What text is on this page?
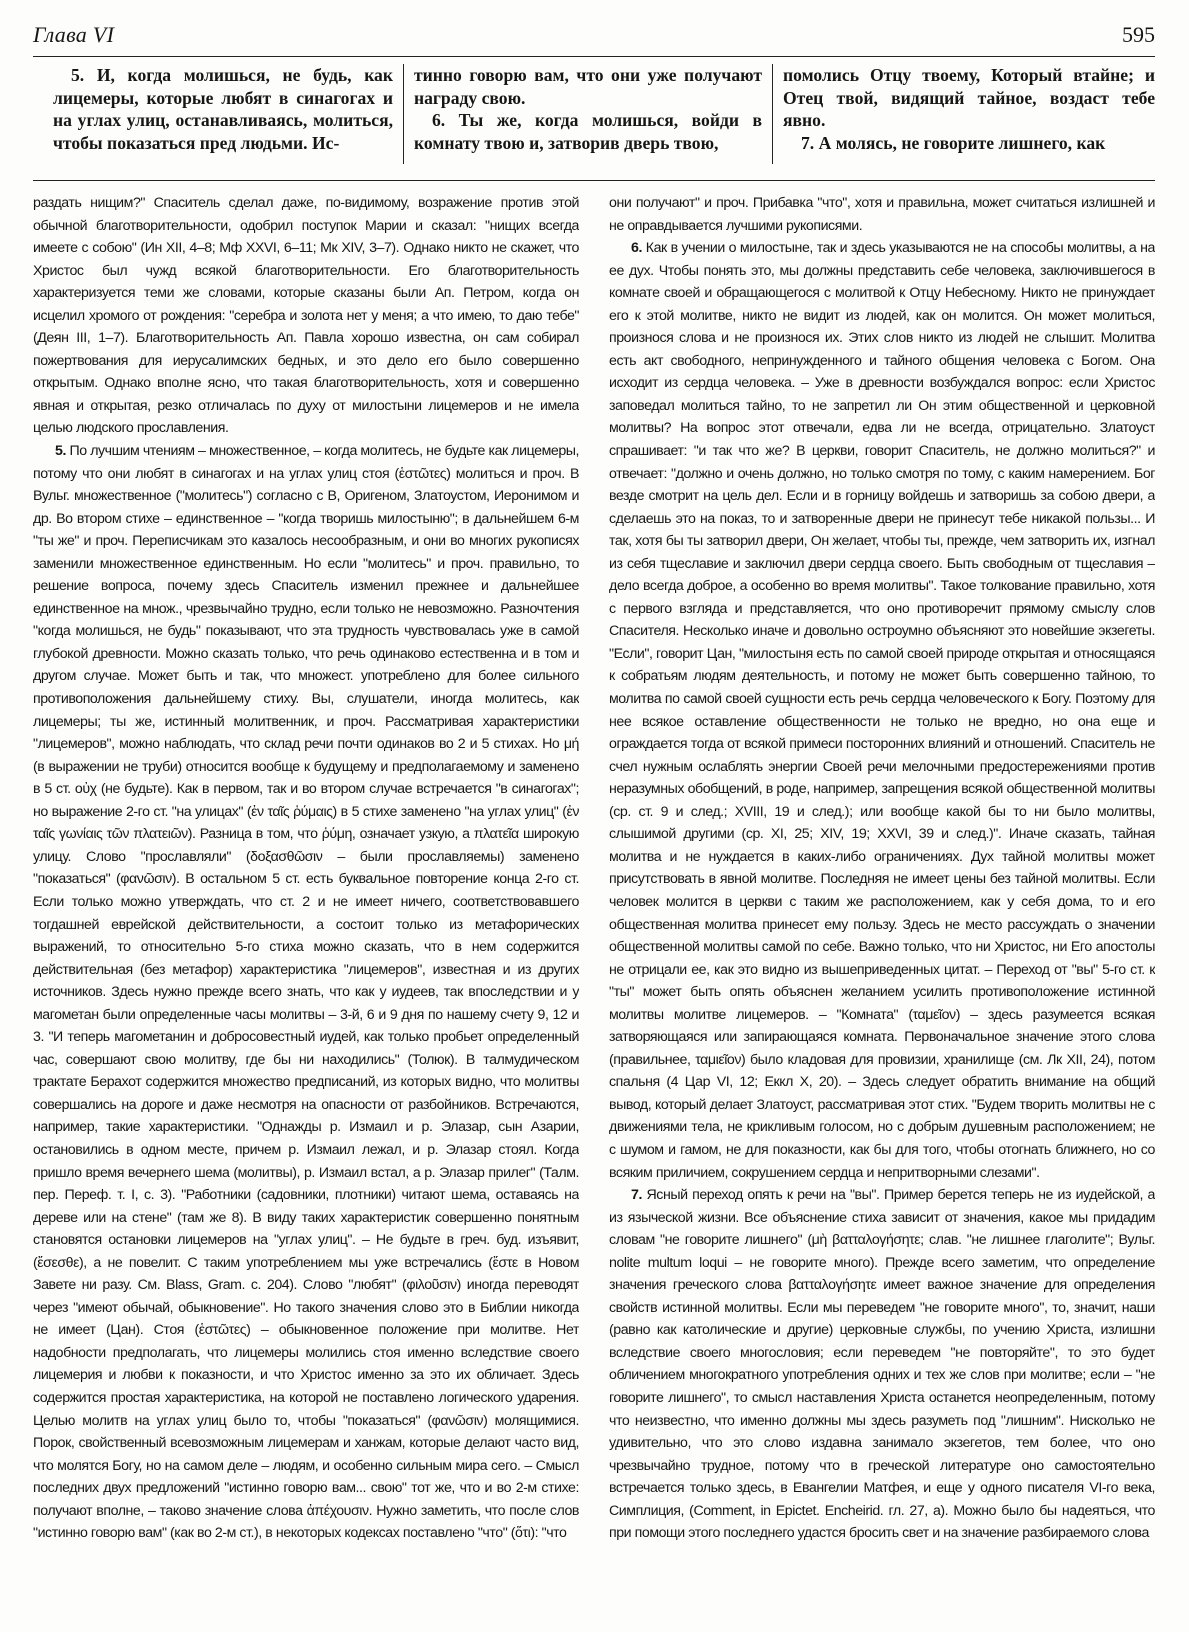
Глава VI	595

5. И, когда молишься, не будь, как лицемеры, которые любят в синагогах и на углах улиц, останавливаясь, молиться, чтобы показаться пред людьми. Ис-

тинно говорю вам, что они уже получают награду свою.

6. Ты же, когда молишься, войди в комнату твою и, затворив дверь твою,

помолись Отцу твоему, Который втайне; и Отец твой, видящий тайное, воздаст тебе явно.

7. А молясь, не говорите лишнего, как

раздать нищим?" Спаситель сделал даже, по-видимому, возражение против этой обычной благотворительности, одобрил поступок Марии и сказал: "нищих всегда имеете с собою" (Ин XII, 4–8; Мф XXVI, 6–11; Мк XIV, 3–7). Однако никто не скажет, что Христос был чужд всякой благотворительности. Его благотворительность характеризуется теми же словами, которые сказаны были Ап. Петром, когда он исцелил хромого от рождения: "серебра и золота нет у меня; а что имею, то даю тебе" (Деян III, 1–7). Благотворительность Ап. Павла хорошо известна, он сам собирал пожертвования для иерусалимских бедных, и это дело его было совершенно открытым. Однако вполне ясно, что такая благотворительность, хотя и совершенно явная и открытая, резко отличалась по духу от милостыни лицемеров и не имела целью людского прославления.

5. По лучшим чтениям – множественное, – когда молитесь, не будьте как лицемеры, потому что они любят в синагогах и на углах улиц стоя (ἑστῶτες) молиться и проч. В Вульг. множественное ("молитесь") согласно с В, Оригеном, Златоустом, Иеронимом и др. Во втором стихе – единственное – "когда творишь милостыню"; в дальнейшем 6-м "ты же" и проч. Переписчикам это казалось несообразным, и они во многих рукописях заменили множественное единственным. Но если "молитесь" и проч. правильно, то решение вопроса, почему здесь Спаситель изменил прежнее и дальнейшее единственное на множ., чрезвычайно трудно, если только не невозможно. Разночтения "когда молишься, не будь" показывают, что эта трудность чувствовалась уже в самой глубокой древности. Можно сказать только, что речь одинаково естественна и в том и другом случае. Может быть и так, что множест. употреблено для более сильного противоположения дальнейшему стиху. Вы, слушатели, иногда молитесь, как лицемеры; ты же, истинный молитвенник, и проч. Рассматривая характеристики "лицемеров", можно наблюдать, что склад речи почти одинаков во 2 и 5 стихах. Но μή (в выражении не труби) относится вообще к будущему и предполагаемому и заменено в 5 ст. οὐχ (не будьте). Как в первом, так и во втором случае встречается "в синагогах"; но выражение 2-го ст. "на улицах" (ἐν ταῖς ῥύμαις) в 5 стихе заменено "на углах улиц" (ἐν ταῖς γωνίαις τῶν πλατειῶν). Разница в том, что ῥύμη, означает узкую, а πλατεῖα широкую улицу. Слово "прославляли" (δοξασθῶσιν – были прославляемы) заменено "показаться" (φανῶσιν). В остальном 5 ст. есть буквальное повторение конца 2-го ст. Если только можно утверждать, что ст. 2 и не имеет ничего, соответствовавшего тогдашней еврейской действительности, а состоит только из метафорических выражений, то относительно 5-го стиха можно сказать, что в нем содержится действительная (без метафор) характеристика "лицемеров", известная и из других источников. Здесь нужно прежде всего знать, что как у иудеев, так впоследствии и у магометан были определенные часы молитвы – 3-й, 6 и 9 дня по нашему счету 9, 12 и 3. "И теперь магометанин и добросовестный иудей, как только пробьет определенный час, совершают свою молитву, где бы ни находились" (Толюк). В талмудическом трактате Берахот содержится множество предписаний, из которых видно, что молитвы совершались на дороге и даже несмотря на опасности от разбойников. Встречаются, например, такие характеристики. "Однажды р. Измаил и р. Элазар, сын Азарии, остановились в одном месте, причем р. Измаил лежал, и р. Элазар стоял. Когда пришло время вечернего шема (молитвы), р. Измаил встал, а р. Элазар прилег" (Талм. пер. Переф. т. I, с. 3). "Работники (садовники, плотники) читают шема, оставаясь на дереве или на стене" (там же 8). В виду таких характеристик совершенно понятным становятся остановки лицемеров на "углах улиц". – Не будьте в греч. буд. изъявит, (ἔσεσθε), а не повелит. С таким употреблением мы уже встречались (ἔστε в Новом Завете ни разу. См. Blass, Gram. с. 204). Слово "любят" (φιλοῦσιν) иногда переводят через "имеют обычай, обыкновение". Но такого значения слово это в Библии никогда не имеет (Цан). Стоя (ἑστῶτες) – обыкновенное положение при молитве. Нет надобности предполагать, что лицемеры молились стоя именно вследствие своего лицемерия и любви к показности, и что Христос именно за это их обличает. Здесь содержится простая характеристика, на которой не поставлено логического ударения. Целью молитв на углах улиц было то, чтобы "показаться" (φανῶσιν) молящимися. Порок, свойственный всевозможным лицемерам и ханжам, которые делают часто вид, что молятся Богу, но на самом деле – людям, и особенно сильным мира сего. – Смысл последних двух предложений "истинно говорю вам... свою" тот же, что и во 2-м стихе: получают вполне, – таково значение слова ἀπέχουσιν. Нужно заметить, что после слов "истинно говорю вам" (как во 2-м ст.), в некоторых кодексах поставлено "что" (ὅτι): "что

они получают" и проч. Прибавка "что", хотя и правильна, может считаться излишней и не оправдывается лучшими рукописями.

6. Как в учении о милостыне, так и здесь указываются не на способы молитвы, а на ее дух. Чтобы понять это, мы должны представить себе человека, заключившегося в комнате своей и обращающегося с молитвой к Отцу Небесному. Никто не принуждает его к этой молитве, никто не видит из людей, как он молится. Он может молиться, произнося слова и не произнося их. Этих слов никто из людей не слышит. Молитва есть акт свободного, непринужденного и тайного общения человека с Богом. Она исходит из сердца человека. – Уже в древности возбуждался вопрос: если Христос заповедал молиться тайно, то не запретил ли Он этим общественной и церковной молитвы? На вопрос этот отвечали, едва ли не всегда, отрицательно. Златоуст спрашивает: "и так что же? В церкви, говорит Спаситель, не должно молиться?" и отвечает: "должно и очень должно, но только смотря по тому, с каким намерением. Бог везде смотрит на цель дел. Если и в горницу войдешь и затворишь за собою двери, а сделаешь это на показ, то и затворенные двери не принесут тебе никакой пользы... И так, хотя бы ты затворил двери, Он желает, чтобы ты, прежде, чем затворить их, изгнал из себя тщеславие и заключил двери сердца своего. Быть свободным от тщеславия – дело всегда доброе, а особенно во время молитвы". Такое толкование правильно, хотя с первого взгляда и представляется, что оно противоречит прямому смыслу слов Спасителя. Несколько иначе и довольно остроумно объясняют это новейшие экзегеты. "Если", говорит Цан, "милостыня есть по самой своей природе открытая и относящаяся к собратьям людям деятельность, и потому не может быть совершенно тайною, то молитва по самой своей сущности есть речь сердца человеческого к Богу. Поэтому для нее всякое оставление общественности не только не вредно, но она еще и ограждается тогда от всякой примеси посторонних влияний и отношений. Спаситель не счел нужным ослаблять энергии Своей речи мелочными предостережениями против неразумных обобщений, в роде, например, запрещения всякой общественной молитвы (ср. ст. 9 и след.; XVIII, 19 и след.); или вообще какой бы то ни было молитвы, слышимой другими (ср. XI, 25; XIV, 19; XXVI, 39 и след.)". Иначе сказать, тайная молитва и не нуждается в каких-либо ограничениях. Дух тайной молитвы может присутствовать в явной молитве. Последняя не имеет цены без тайной молитвы. Если человек молится в церкви с таким же расположением, как у себя дома, то и его общественная молитва принесет ему пользу. Здесь не место рассуждать о значении общественной молитвы самой по себе. Важно только, что ни Христос, ни Его апостолы не отрицали ее, как это видно из вышеприведенных цитат. – Переход от "вы" 5-го ст. к "ты" может быть опять объяснен желанием усилить противоположение истинной молитвы молитве лицемеров. – "Комната" (ταμεῖον) – здесь разумеется всякая затворяющаяся или запирающаяся комната. Первоначальное значение этого слова (правильнее, ταμιεῖον) было кладовая для провизии, хранилище (см. Лк XII, 24), потом спальня (4 Цар VI, 12; Еккл X, 20). – Здесь следует обратить внимание на общий вывод, который делает Златоуст, рассматривая этот стих. "Будем творить молитвы не с движениями тела, не крикливым голосом, но с добрым душевным расположением; не с шумом и гамом, не для показности, как бы для того, чтобы отогнать ближнего, но со всяким приличием, сокрушением сердца и непритворными слезами".

7. Ясный переход опять к речи на "вы". Пример берется теперь не из иудейской, а из языческой жизни. Все объяснение стиха зависит от значения, какое мы придадим словам "не говорите лишнего" (μὴ βατταλογήσητε; слав. "не лишнее глаголите"; Вульг. nolite multum loqui – не говорите много). Прежде всего заметим, что определение значения греческого слова βατταλογήσητε имеет важное значение для определения свойств истинной молитвы. Если мы переведем "не говорите много", то, значит, наши (равно как католические и другие) церковные службы, по учению Христа, излишни вследствие своего многословия; если переведем "не повторяйте", то это будет обличением многократного употребления одних и тех же слов при молитве; если – "не говорите лишнего", то смысл наставления Христа останется неопределенным, потому что неизвестно, что именно должны мы здесь разуметь под "лишним". Нисколько не удивительно, что это слово издавна занимало экзегетов, тем более, что оно чрезвычайно трудное, потому что в греческой литературе оно самостоятельно встречается только здесь, в Евангелии Матфея, и еще у одного писателя VI-го века, Симплиция, (Comment, in Epictet. Encheirid. гл. 27, a). Можно было бы надеяться, что при помощи этого последнего удастся бросить свет и на значение разбираемого слова
